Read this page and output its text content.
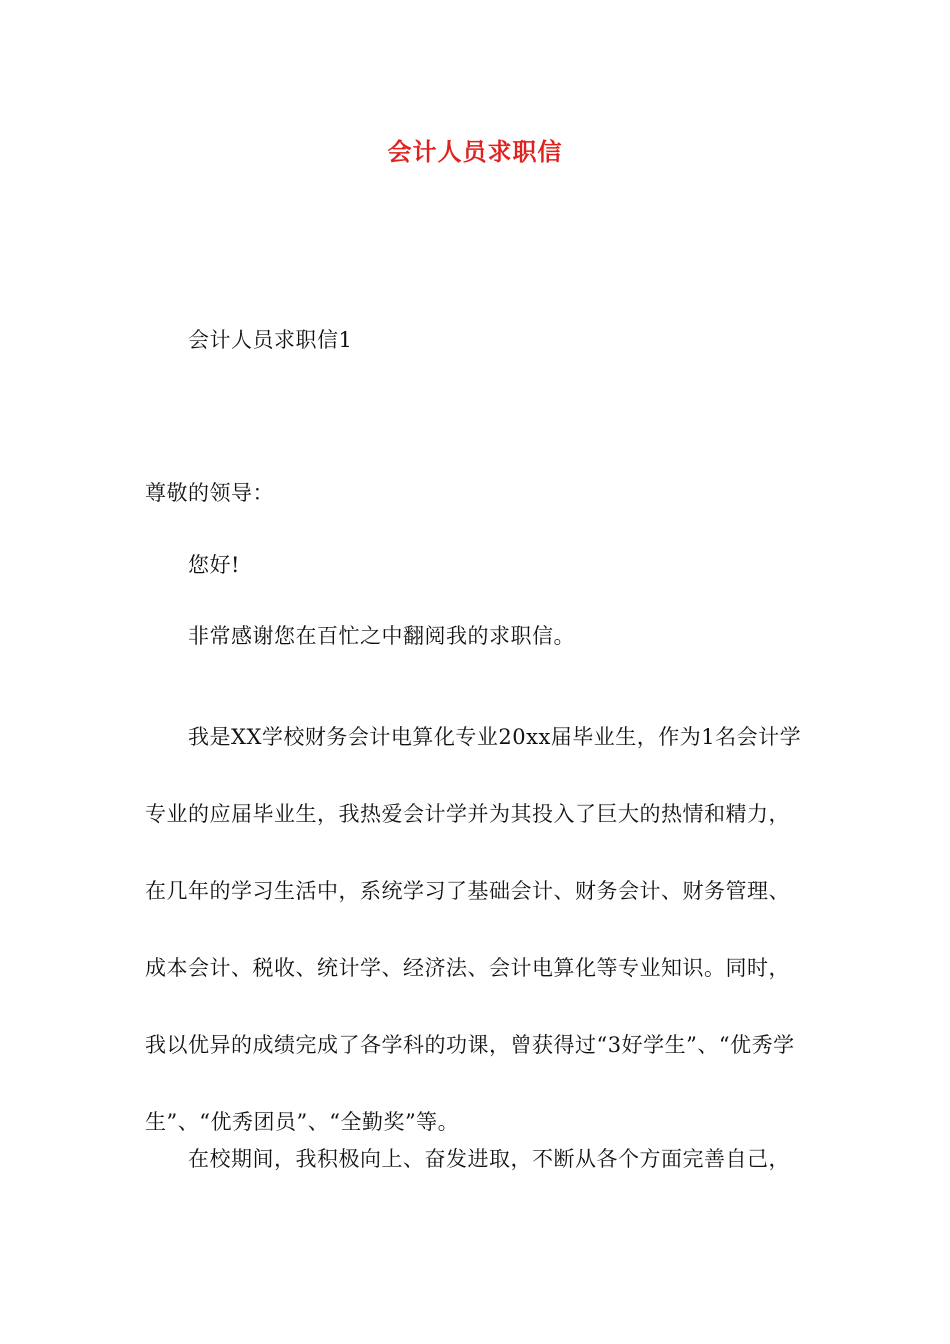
会计人员求职信
会计人员求职信1
尊敬的领导：
您好!
非常感谢您在百忙之中翻阅我的求职信。
我是XX学校财务会计电算化专业20xx届毕业生，作为1名会计学专业的应届毕业生，我热爱会计学并为其投入了巨大的热情和精力，在几年的学习生活中，系统学习了基础会计、财务会计、财务管理、成本会计、税收、统计学、经济法、会计电算化等专业知识。同时，我以优异的成绩完成了各学科的功课，曾获得过“3好学生”、“优秀学生”、“优秀团员”、“全勤奖”等。
在校期间，我积极向上、奋发进取，不断从各个方面完善自己，
